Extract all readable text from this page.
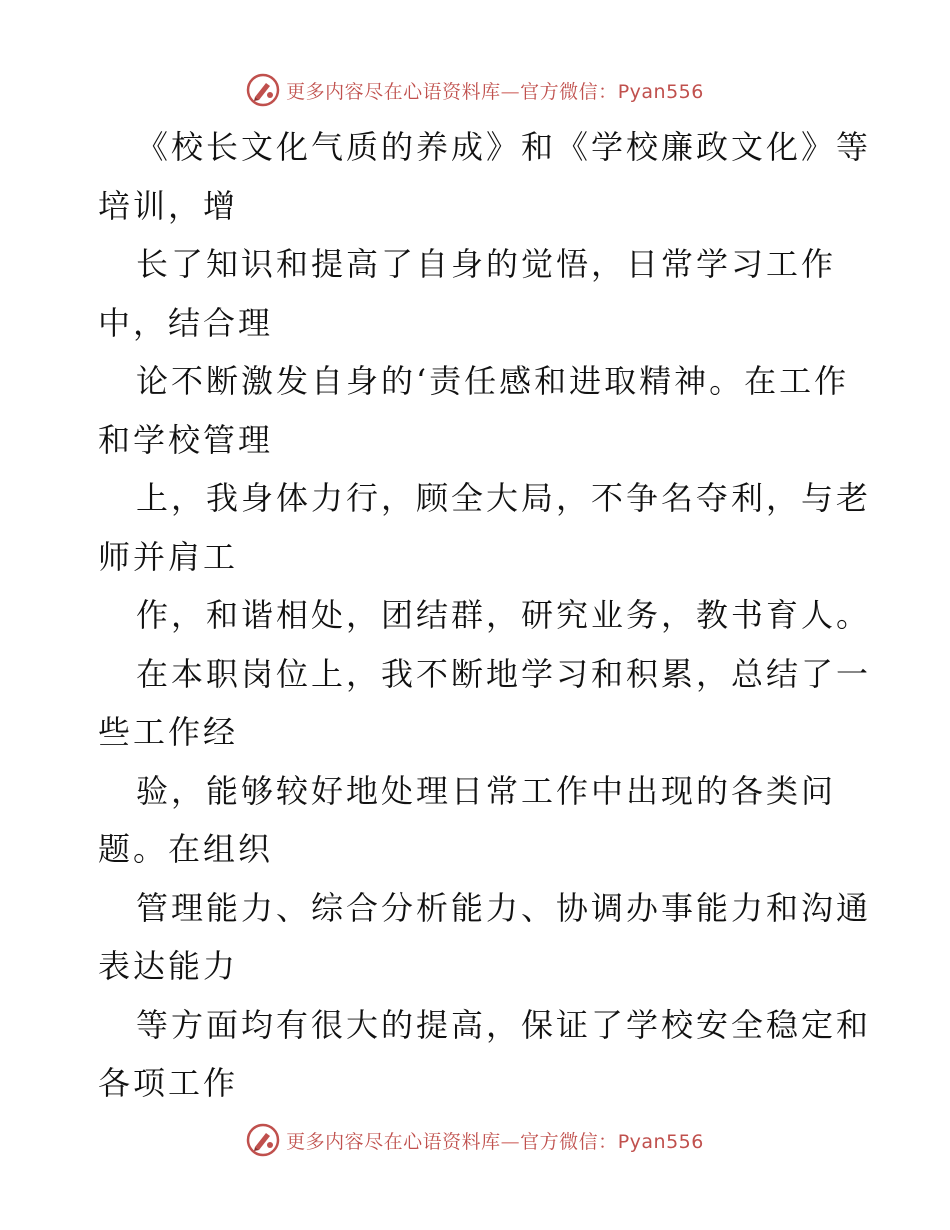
更多内容尽在心语资料库—官方微信：Pyan556
《校长文化气质的养成》和《学校廉政文化》等
培训，增
长了知识和提高了自身的觉悟，日常学习工作
中，结合理
论不断激发自身的‘责任感和进取精神。在工作
和学校管理
上，我身体力行，顾全大局，不争名夺利，与老
师并肩工
作，和谐相处，团结群，研究业务，教书育人。
在本职岗位上，我不断地学习和积累，总结了一
些工作经
验，能够较好地处理日常工作中出现的各类问
题。在组织
管理能力、综合分析能力、协调办事能力和沟通
表达能力
等方面均有很大的提高，保证了学校安全稳定和
各项工作
更多内容尽在心语资料库—官方微信：Pyan556
